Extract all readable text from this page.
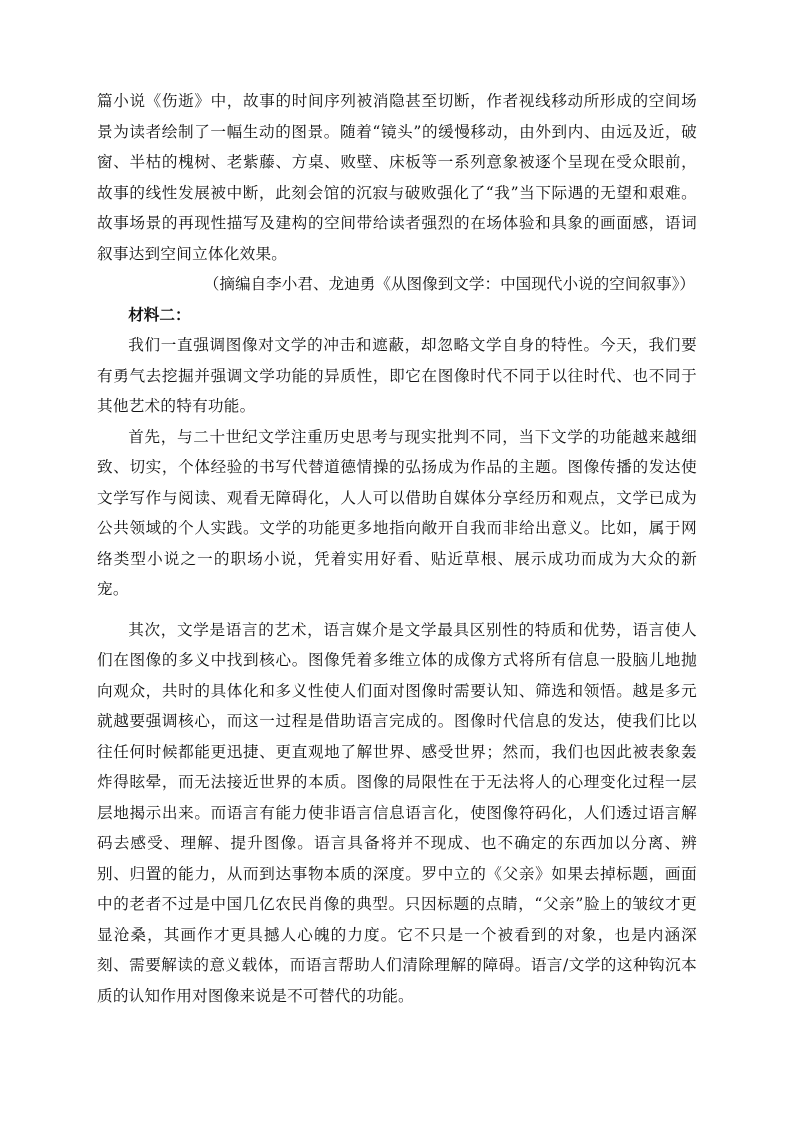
篇小说《伤逝》中，故事的时间序列被消隐甚至切断，作者视线移动所形成的空间场景为读者绘制了一幅生动的图景。随着“镜头”的缓慢移动，由外到内、由远及近，破窗、半枯的槐树、老紫藤、方桌、败壁、床板等一系列意象被逐个呈现在受众眼前，故事的线性发展被中断，此刻会馆的沉寂与破败强化了“我”当下际遇的无望和艰难。故事场景的再现性描写及建构的空间带给读者强烈的在场体验和具象的画面感，语词叙事达到空间立体化效果。

（摘编自李小君、龙迪勇《从图像到文学：中国现代小说的空间叙事》）

材料二：

我们一直强调图像对文学的冲击和遮蔽，却忽略文学自身的特性。今天，我们要有勇气去挖掘并强调文学功能的异质性，即它在图像时代不同于以往时代、也不同于其他艺术的特有功能。

首先，与二十世纪文学注重历史思考与现实批判不同，当下文学的功能越来越细致、切实，个体经验的书写代替道德情操的弘扬成为作品的主题。图像传播的发达使文学写作与阅读、观看无障碍化，人人可以借助自媒体分享经历和观点，文学已成为公共领域的个人实践。文学的功能更多地指向敞开自我而非给出意义。比如，属于网络类型小说之一的职场小说，凭着实用好看、贴近草根、展示成功而成为大众的新宠。

其次，文学是语言的艺术，语言媒介是文学最具区别性的特质和优势，语言使人们在图像的多义中找到核心。图像凭着多维立体的成像方式将所有信息一股脑儿地抛向观众，共时的具体化和多义性使人们面对图像时需要认知、筛选和领悟。越是多元就越要强调核心，而这一过程是借助语言完成的。图像时代信息的发达，使我们比以往任何时候都能更迅捷、更直观地了解世界、感受世界；然而，我们也因此被表象轰炸得眩晕，而无法接近世界的本质。图像的局限性在于无法将人的心理变化过程一层层地揭示出来。而语言有能力使非语言信息语言化，使图像符码化，人们透过语言解码去感受、理解、提升图像。语言具备将并不现成、也不确定的东西加以分离、辨别、归置的能力，从而到达事物本质的深度。罗中立的《父亲》如果去掉标题，画面中的老者不过是中国几亿农民肖像的典型。只因标题的点睛，“父亲”脸上的皱纹才更显沧桑，其画作才更具撼人心魄的力度。它不只是一个被看到的对象，也是内涵深刻、需要解读的意义载体，而语言帮助人们清除理解的障碍。语言/文学的这种钩沉本质的认知作用对图像来说是不可替代的功能。
